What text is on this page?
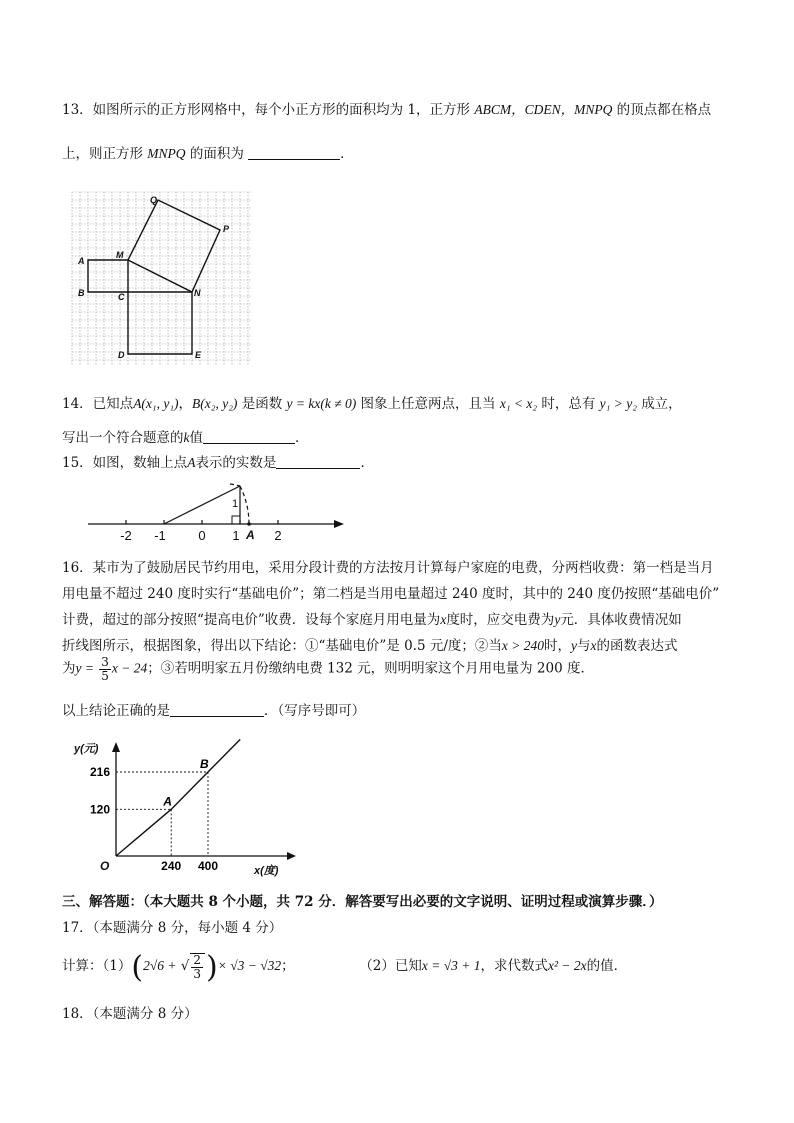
13．如图所示的正方形网格中，每个小正方形的面积均为 1，正方形 ABCM，CDEN，MNPQ 的顶点都在格点
上，则正方形 MNPQ 的面积为	．
Q
P
M
A
B	C	N
D	E
14．已知点A(x₁, y₁)，B(x₂, y₂) 是函数 y = kx(k ≠ 0) 图象上任意两点，且当 x₁ < x₂ 时，总有 y₁ > y₂ 成立，
写出一个符合题意的k值	．
15．如图，数轴上点A表示的实数是	．
-2 -1	0 1	2
1
A
16．某市为了鼓励居民节约用电，采用分段计费的方法按月计算每户家庭的电费，分两档收费：第一档是当月
用电量不超过 240 度时实行“基础电价”；第二档是当用电量超过 240 度时，其中的 240 度仍按照“基础电价”
计费，超过的部分按照“提高电价”收费．设每个家庭月用电量为x度时，应交电费为y元．具体收费情况如
折线图所示，根据图象，得出以下结论：①“基础电价”是 0.5 元/度；②当x > 240时，y与x的函数表达式
为$y = \frac{3}{5}$ x − 24；③若明明家五月份缴纳电费 132 元，则明明家这个月用电量为 200 度．
以上结论正确的是	．（写序号即可）
y(元)
x(度)
O
A
240
120
B
400
216
三、解答题：（本大题共 8 个小题，共 72 分．解答要写出必要的文字说明、证明过程或演算步骤．）
17．（本题满分 8 分，每小题 4 分）
计算：（1）(2√6 + √ $\frac{2}{3}$ )× √3 − √32；	（2）已知x = √3 + 1，求代数式x² − 2x的值．
18．（本题满分 8 分）
